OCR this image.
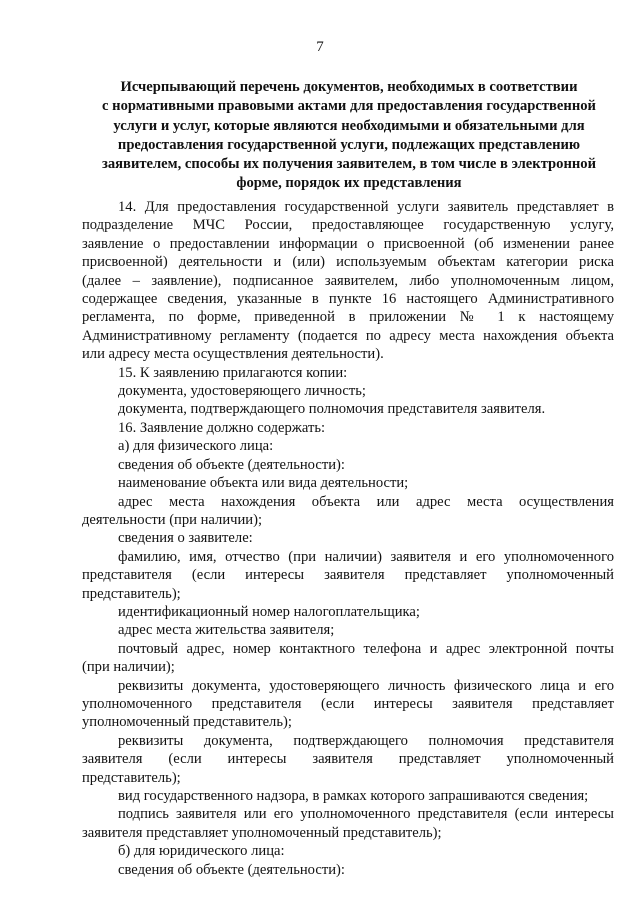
7
Исчерпывающий перечень документов, необходимых в соответствии
с нормативными правовыми актами для предоставления государственной
услуги и услуг, которые являются необходимыми и обязательными для
предоставления государственной услуги, подлежащих представлению
заявителем, способы их получения заявителем, в том числе в электронной
форме, порядок их представления
14. Для предоставления государственной услуги заявитель представляет в
подразделение МЧС России, предоставляющее государственную услугу,
заявление о предоставлении информации о присвоенной (об изменении ранее
присвоенной) деятельности и (или) используемым объектам категории риска
(далее – заявление), подписанное заявителем, либо уполномоченным лицом,
содержащее сведения, указанные в пункте 16 настоящего Административного
регламента, по форме, приведенной в приложении № 1 к настоящему
Административному регламенту (подается по адресу места нахождения объекта
или адресу места осуществления деятельности).
15. К заявлению прилагаются копии:
документа, удостоверяющего личность;
документа, подтверждающего полномочия представителя заявителя.
16. Заявление должно содержать:
а) для физического лица:
сведения об объекте (деятельности):
наименование объекта или вида деятельности;
адрес места нахождения объекта или адрес места осуществления
деятельности (при наличии);
сведения о заявителе:
фамилию, имя, отчество (при наличии) заявителя и его уполномоченного
представителя (если интересы заявителя представляет уполномоченный
представитель);
идентификационный номер налогоплательщика;
адрес места жительства заявителя;
почтовый адрес, номер контактного телефона и адрес электронной почты
(при наличии);
реквизиты документа, удостоверяющего личность физического лица и его
уполномоченного представителя (если интересы заявителя представляет
уполномоченный представитель);
реквизиты документа, подтверждающего полномочия представителя
заявителя (если интересы заявителя представляет уполномоченный
представитель);
вид государственного надзора, в рамках которого запрашиваются сведения;
подпись заявителя или его уполномоченного представителя (если интересы
заявителя представляет уполномоченный представитель);
б) для юридического лица:
сведения об объекте (деятельности):
